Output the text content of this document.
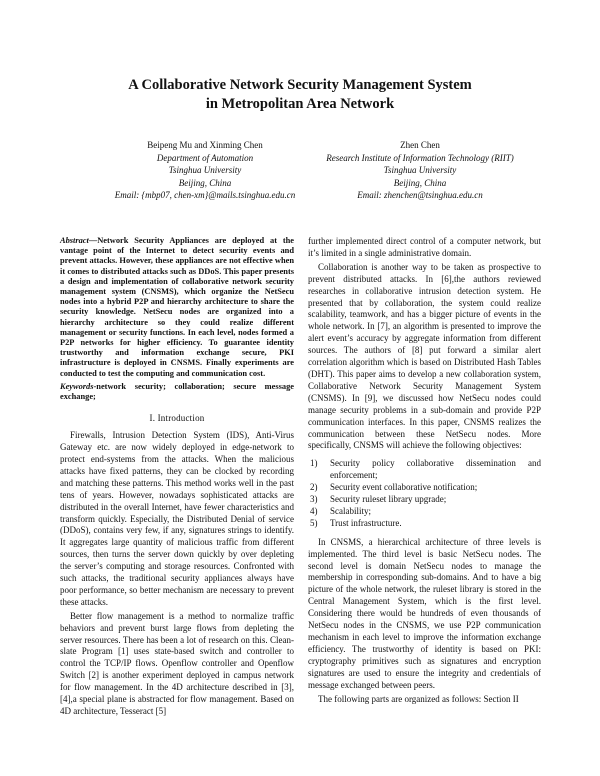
A Collaborative Network Security Management System
in Metropolitan Area Network
Beipeng Mu and Xinming Chen
Department of Automation
Tsinghua University
Beijing, China
Email: {mbp07, chen-xm}@mails.tsinghua.edu.cn
Zhen Chen
Research Institute of Information Technology (RIIT)
Tsinghua University
Beijing, China
Email: zhenchen@tsinghua.edu.cn

Abstract—Network Security Appliances are deployed at the vantage point of the Internet to detect security events and prevent attacks. However, these appliances are not effective when it comes to distributed attacks such as DDoS. This paper presents a design and implementation of collaborative network security management system (CNSMS), which organize the NetSecu nodes into a hybrid P2P and hierarchy architecture to share the security knowledge. NetSecu nodes are organized into a hierarchy architecture so they could realize different management or security functions. In each level, nodes formed a P2P networks for higher efficiency. To guarantee identity trustworthy and information exchange secure, PKI infrastructure is deployed in CNSMS. Finally experiments are conducted to test the computing and communication cost.

Keywords-network security; collaboration; secure message exchange;

I. Introduction

Firewalls, Intrusion Detection System (IDS), Anti-Virus Gateway etc. are now widely deployed in edge-network to protect end-systems from the attacks. When the malicious attacks have fixed patterns, they can be clocked by recording and matching these patterns. This method works well in the past tens of years. However, nowadays sophisticated attacks are distributed in the overall Internet, have fewer characteristics and transform quickly. Especially, the Distributed Denial of service (DDoS), contains very few, if any, signatures strings to identify. It aggregates large quantity of malicious traffic from different sources, then turns the server down quickly by over depleting the server’s computing and storage resources. Confronted with such attacks, the traditional security appliances always have poor performance, so better mechanism are necessary to prevent these attacks.

Better flow management is a method to normalize traffic behaviors and prevent burst large flows from depleting the server resources. There has been a lot of research on this. Clean-slate Program [1] uses state-based switch and controller to control the TCP/IP flows. Openflow controller and Openflow Switch [2] is another experiment deployed in campus network for flow management. In the 4D architecture described in [3], [4],a special plane is abstracted for flow management. Based on 4D architecture, Tesseract [5]

further implemented direct control of a computer network, but it’s limited in a single administrative domain.

Collaboration is another way to be taken as prospective to prevent distributed attacks. In [6],the authors reviewed researches in collaborative intrusion detection system. He presented that by collaboration, the system could realize scalability, teamwork, and has a bigger picture of events in the whole network. In [7], an algorithm is presented to improve the alert event’s accuracy by aggregate information from different sources. The authors of [8] put forward a similar alert correlation algorithm which is based on Distributed Hash Tables (DHT). This paper aims to develop a new collaboration system, Collaborative Network Security Management System (CNSMS). In [9], we discussed how NetSecu nodes could manage security problems in a sub-domain and provide P2P communication interfaces. In this paper, CNSMS realizes the communication between these NetSecu nodes. More specifically, CNSMS will achieve the following objectives:

1) Security policy collaborative dissemination and enforcement;
2) Security event collaborative notification;
3) Security ruleset library upgrade;
4) Scalability;
5) Trust infrastructure.

In CNSMS, a hierarchical architecture of three levels is implemented. The third level is basic NetSecu nodes. The second level is domain NetSecu nodes to manage the membership in corresponding sub-domains. And to have a big picture of the whole network, the ruleset library is stored in the Central Management System, which is the first level. Considering there would be hundreds of even thousands of NetSecu nodes in the CNSMS, we use P2P communication mechanism in each level to improve the information exchange efficiency. The trustworthy of identity is based on PKI: cryptography primitives such as signatures and encryption signatures are used to ensure the integrity and credentials of message exchanged between peers.

The following parts are organized as follows: Section II
